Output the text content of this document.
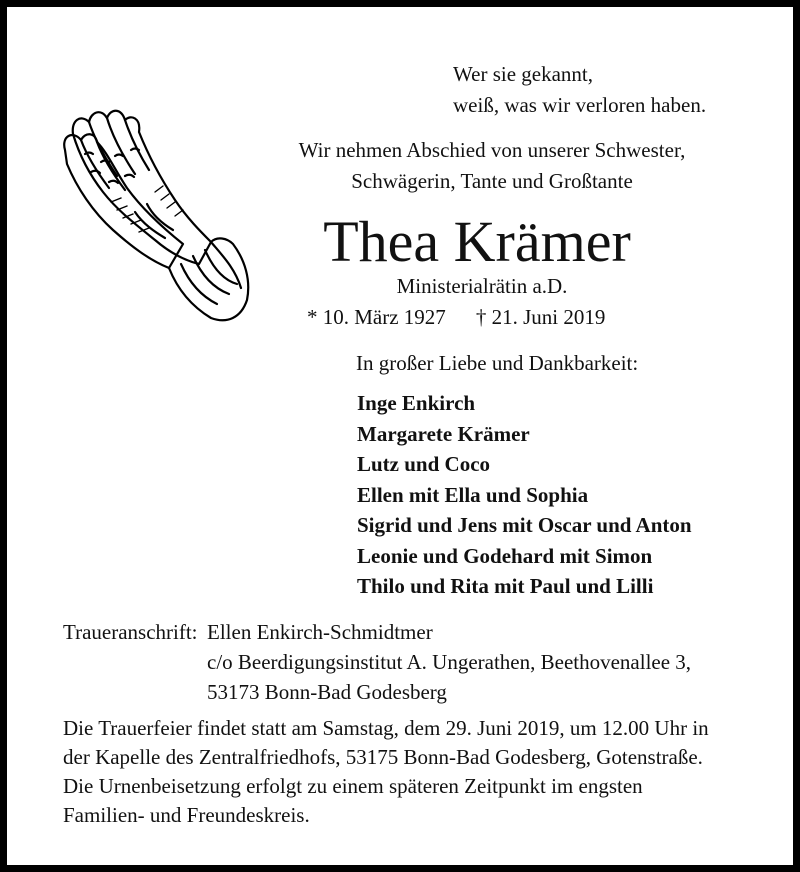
Wer sie gekannt,
weiß, was wir verloren haben.
Wir nehmen Abschied von unserer Schwester,
Schwägerin, Tante und Großtante
Thea Krämer
Ministerialrätin a.D.
* 10. März 1927 † 21. Juni 2019
In großer Liebe und Dankbarkeit:
Inge Enkirch
Margarete Krämer
Lutz und Coco
Ellen mit Ella und Sophia
Sigrid und Jens mit Oscar und Anton
Leonie und Godehard mit Simon
Thilo und Rita mit Paul und Lilli
Traueranschrift: Ellen Enkirch-Schmidtmer
c/o Beerdigungsinstitut A. Ungerathen, Beethovenallee 3,
53173 Bonn-Bad Godesberg
Die Trauerfeier findet statt am Samstag, dem 29. Juni 2019, um 12.00 Uhr in
der Kapelle des Zentralfriedhofs, 53175 Bonn-Bad Godesberg, Gotenstraße.
Die Urnenbeisetzung erfolgt zu einem späteren Zeitpunkt im engsten
Familien- und Freundeskreis.
